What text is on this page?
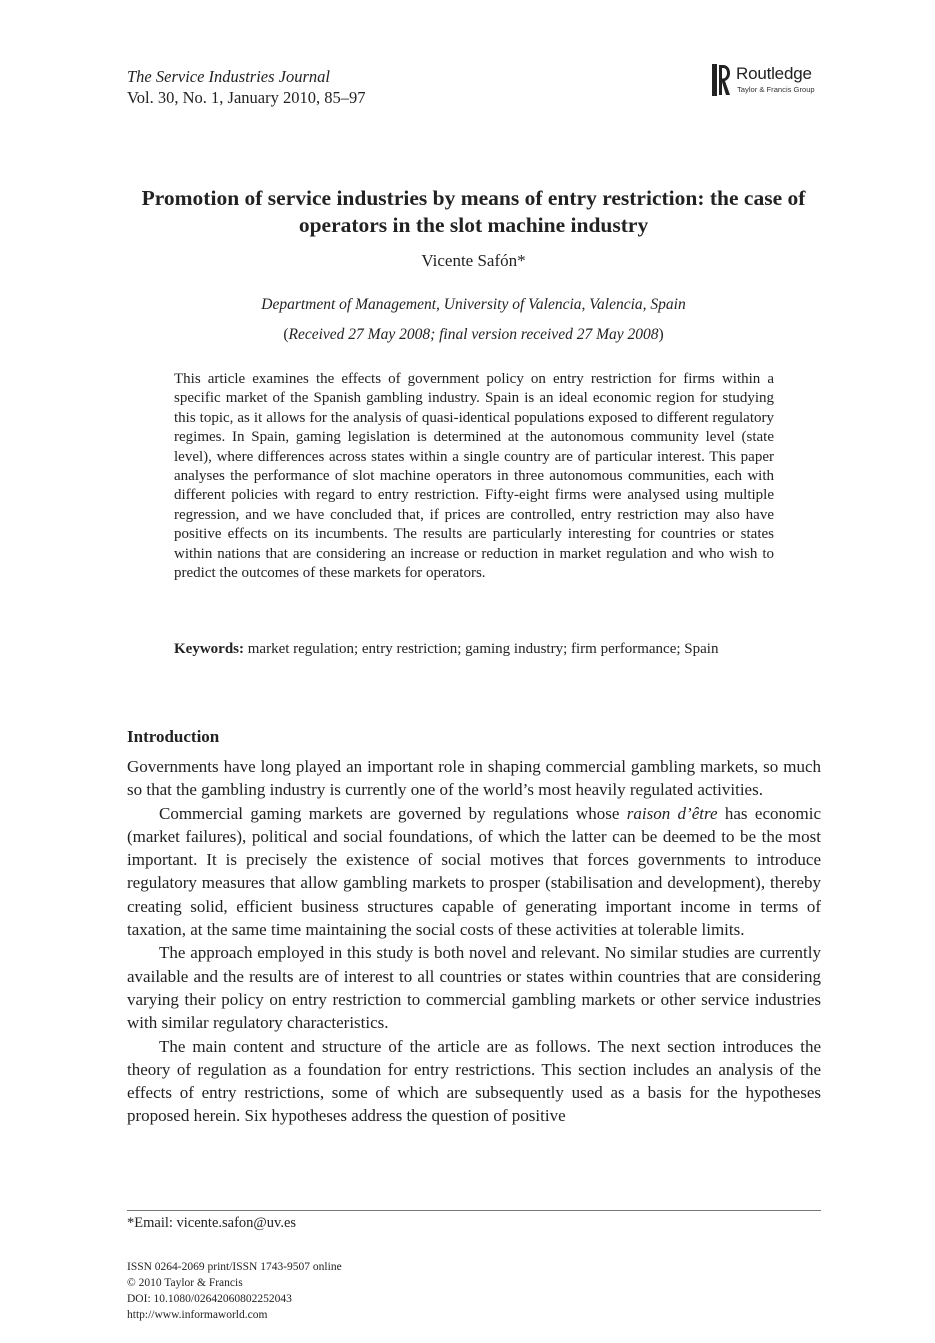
The Service Industries Journal
Vol. 30, No. 1, January 2010, 85–97
Routledge
Taylor & Francis Group
Promotion of service industries by means of entry restriction: the case of operators in the slot machine industry
Vicente Safón*
Department of Management, University of Valencia, Valencia, Spain
(Received 27 May 2008; final version received 27 May 2008)
This article examines the effects of government policy on entry restriction for firms within a specific market of the Spanish gambling industry. Spain is an ideal economic region for studying this topic, as it allows for the analysis of quasi-identical populations exposed to different regulatory regimes. In Spain, gaming legislation is determined at the autonomous community level (state level), where differences across states within a single country are of particular interest. This paper analyses the performance of slot machine operators in three autonomous communities, each with different policies with regard to entry restriction. Fifty-eight firms were analysed using multiple regression, and we have concluded that, if prices are controlled, entry restriction may also have positive effects on its incumbents. The results are particularly interesting for countries or states within nations that are considering an increase or reduction in market regulation and who wish to predict the outcomes of these markets for operators.
Keywords: market regulation; entry restriction; gaming industry; firm performance; Spain
Introduction

Governments have long played an important role in shaping commercial gambling markets, so much so that the gambling industry is currently one of the world’s most heavily regulated activities.

Commercial gaming markets are governed by regulations whose raison d’être has economic (market failures), political and social foundations, of which the latter can be deemed to be the most important. It is precisely the existence of social motives that forces governments to introduce regulatory measures that allow gambling markets to prosper (stabilisation and development), thereby creating solid, efficient business structures capable of generating important income in terms of taxation, at the same time maintaining the social costs of these activities at tolerable limits.

The approach employed in this study is both novel and relevant. No similar studies are currently available and the results are of interest to all countries or states within countries that are considering varying their policy on entry restriction to commercial gambling markets or other service industries with similar regulatory characteristics.

The main content and structure of the article are as follows. The next section introduces the theory of regulation as a foundation for entry restrictions. This section includes an analysis of the effects of entry restrictions, some of which are subsequently used as a basis for the hypotheses proposed herein. Six hypotheses address the question of positive

*Email: vicente.safon@uv.es
ISSN 0264-2069 print/ISSN 1743-9507 online
© 2010 Taylor & Francis
DOI: 10.1080/02642060802252043
http://www.informaworld.com
